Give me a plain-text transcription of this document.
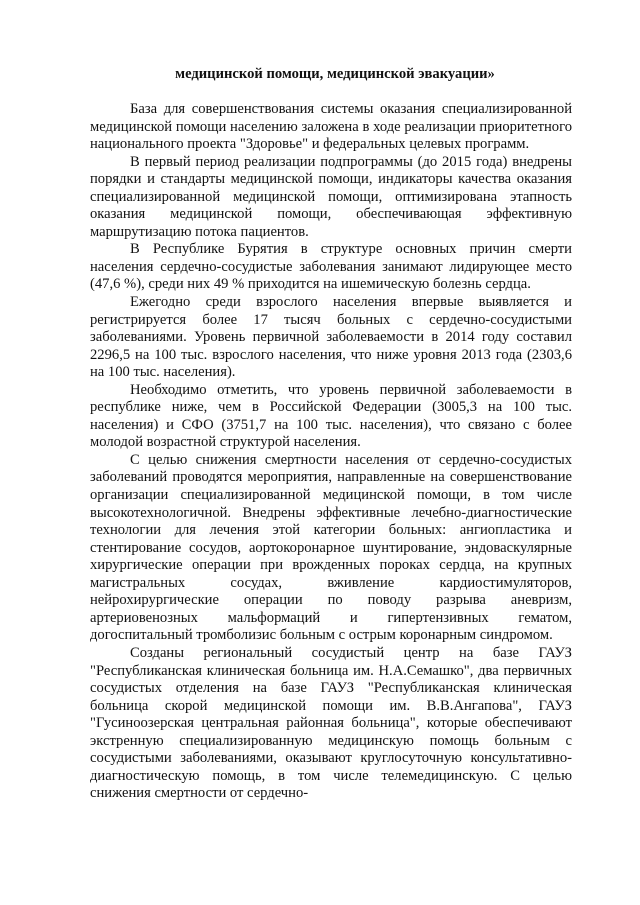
медицинской помощи, медицинской эвакуации»

База для совершенствования системы оказания специализированной медицинской помощи населению заложена в ходе реализации приоритетного национального проекта "Здоровье" и федеральных целевых программ.

В первый период реализации подпрограммы (до 2015 года) внедрены порядки и стандарты медицинской помощи, индикаторы качества оказания специализированной медицинской помощи, оптимизирована этапность оказания медицинской помощи, обеспечивающая эффективную маршрутизацию потока пациентов.

В Республике Бурятия в структуре основных причин смерти населения сердечно-сосудистые заболевания занимают лидирующее место (47,6 %), среди них 49 % приходится на ишемическую болезнь сердца.

Ежегодно среди взрослого населения впервые выявляется и регистрируется более 17 тысяч больных с сердечно-сосудистыми заболеваниями. Уровень первичной заболеваемости в 2014 году составил 2296,5 на 100 тыс. взрослого населения, что ниже уровня 2013 года (2303,6 на 100 тыс. населения).

Необходимо отметить, что уровень первичной заболеваемости в республике ниже, чем в Российской Федерации (3005,3 на 100 тыс. населения) и СФО (3751,7 на 100 тыс. населения), что связано с более молодой возрастной структурой населения.

С целью снижения смертности населения от сердечно-сосудистых заболеваний проводятся мероприятия, направленные на совершенствование организации специализированной медицинской помощи, в том числе высокотехнологичной. Внедрены эффективные лечебно-диагностические технологии для лечения этой категории больных: ангиопластика и стентирование сосудов, аортокоронарное шунтирование, эндоваскулярные хирургические операции при врожденных пороках сердца, на крупных магистральных сосудах, вживление кардиостимуляторов, нейрохирургические операции по поводу разрыва аневризм, артериовенозных мальформаций и гипертензивных гематом, догоспитальный тромболизис больным с острым коронарным синдромом.

Созданы региональный сосудистый центр на базе ГАУЗ "Республиканская клиническая больница им. Н.А.Семашко", два первичных сосудистых отделения на базе ГАУЗ "Республиканская клиническая больница скорой медицинской помощи им. В.В.Ангапова", ГАУЗ "Гусиноозерская центральная районная больница", которые обеспечивают экстренную специализированную медицинскую помощь больным с сосудистыми заболеваниями, оказывают круглосуточную консультативно-диагностическую помощь, в том числе телемедицинскую. С целью снижения смертности от сердечно-
